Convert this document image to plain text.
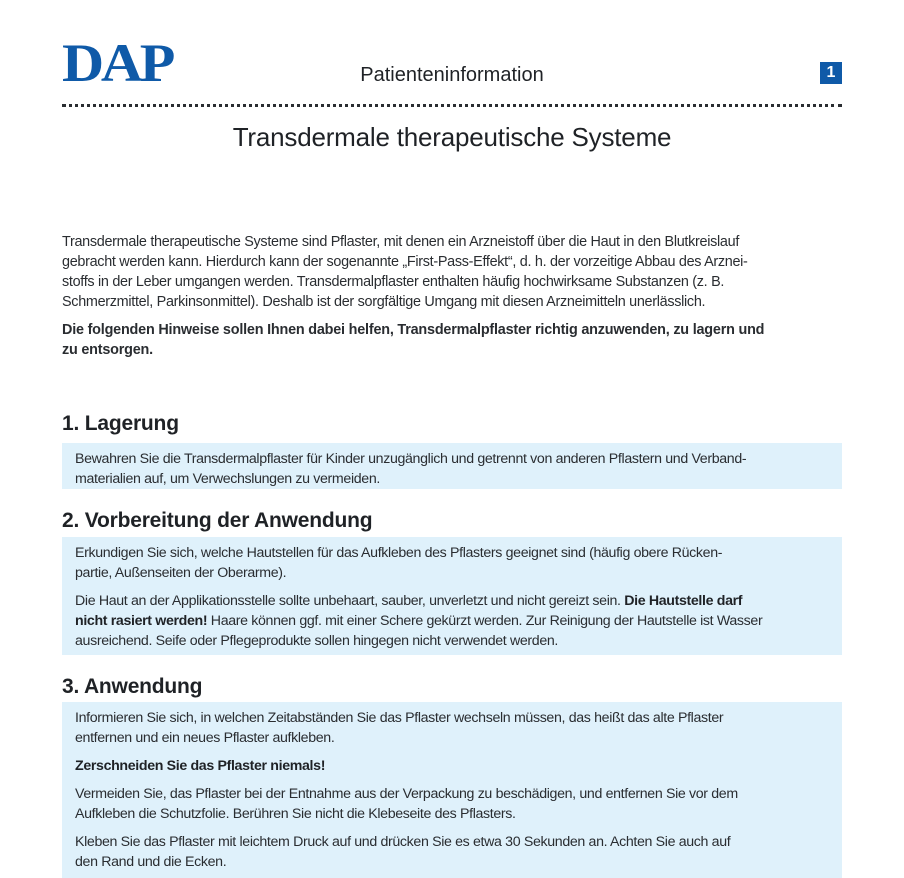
DAP	Patienteninformation	1
Transdermale therapeutische Systeme

Transdermale therapeutische Systeme sind Pflaster, mit denen ein Arzneistoff über die Haut in den Blutkreislauf
gebracht werden kann. Hierdurch kann der sogenannte „First-Pass-Effekt“, d. h. der vorzeitige Abbau des Arznei-
stoffs in der Leber umgangen werden. Transdermalpflaster enthalten häufig hochwirksame Substanzen (z. B.
Schmerzmittel, Parkinsonmittel). Deshalb ist der sorgfältige Umgang mit diesen Arzneimitteln unerlässlich.

Die folgenden Hinweise sollen Ihnen dabei helfen, Transdermalpflaster richtig anzuwenden, zu lagern und
zu entsorgen.

1. Lagerung

Bewahren Sie die Transdermalpflaster für Kinder unzugänglich und getrennt von anderen Pflastern und Verband-
materialien auf, um Verwechslungen zu vermeiden.

2. Vorbereitung der Anwendung

Erkundigen Sie sich, welche Hautstellen für das Aufkleben des Pflasters geeignet sind (häufig obere Rücken-
partie, Außenseiten der Oberarme).

Die Haut an der Applikationsstelle sollte unbehaart, sauber, unverletzt und nicht gereizt sein. Die Hautstelle darf
nicht rasiert werden! Haare können ggf. mit einer Schere gekürzt werden. Zur Reinigung der Hautstelle ist Wasser
ausreichend. Seife oder Pflegeprodukte sollen hingegen nicht verwendet werden.

3. Anwendung

Informieren Sie sich, in welchen Zeitabständen Sie das Pflaster wechseln müssen, das heißt das alte Pflaster
entfernen und ein neues Pflaster aufkleben.

Zerschneiden Sie das Pflaster niemals!

Vermeiden Sie, das Pflaster bei der Entnahme aus der Verpackung zu beschädigen, und entfernen Sie vor dem
Aufkleben die Schutzfolie. Berühren Sie nicht die Klebeseite des Pflasters.

Kleben Sie das Pflaster mit leichtem Druck auf und drücken Sie es etwa 30 Sekunden an. Achten Sie auch auf
den Rand und die Ecken.
